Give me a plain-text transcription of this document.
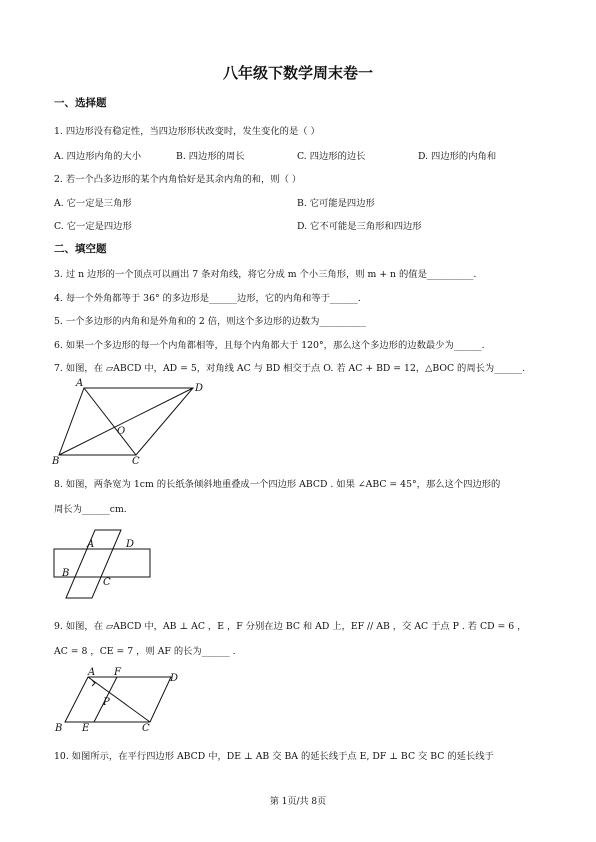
八年级下数学周末卷一
一、选择题
1. 四边形没有稳定性，当四边形形状改变时，发生变化的是（ ）
A. 四边形内角的大小	B. 四边形的周长	C. 四边形的边长	D. 四边形的内角和
2. 若一个凸多边形的某个内角恰好是其余内角的和，则（ ）
A. 它一定是三角形	B. 它可能是四边形
C. 它一定是四边形	D. 它不可能是三角形和四边形
二、填空题
3. 过 n 边形的一个顶点可以画出 7 条对角线，将它分成 m 个小三角形，则 m + n 的值是__________.
4. 每一个外角都等于 36° 的多边形是______边形，它的内角和等于______.
5. 一个多边形的内角和是外角和的 2 倍，则这个多边形的边数为__________
6. 如果一个多边形的每一个内角都相等，且每个内角都大于 120°，那么这个多边形的边数最少为______.
7. 如图，在 ▱ABCD 中，AD = 5，对角线 AC 与 BD 相交于点 O. 若 AC + BD = 12，△BOC 的周长为______.
A	D
B	C
O
8. 如图，两条宽为 1cm 的长纸条倾斜地重叠成一个四边形 ABCD . 如果 ∠ABC = 45°，那么这个四边形的
周长为______cm.
A	D
B
C
9. 如图，在 ▱ABCD 中，AB ⊥ AC ，E ，F 分别在边 BC 和 AD 上，EF // AB ，交 AC 于点 P . 若 CD = 6 ，
AC = 8 ，CE = 7 ，则 AF 的长为______ .
A F
D
P
B E	C
10. 如图所示，在平行四边形 ABCD 中，DE ⊥ AB 交 BA 的延长线于点 E, DF ⊥ BC 交 BC 的延长线于
第 1页/共 8页
